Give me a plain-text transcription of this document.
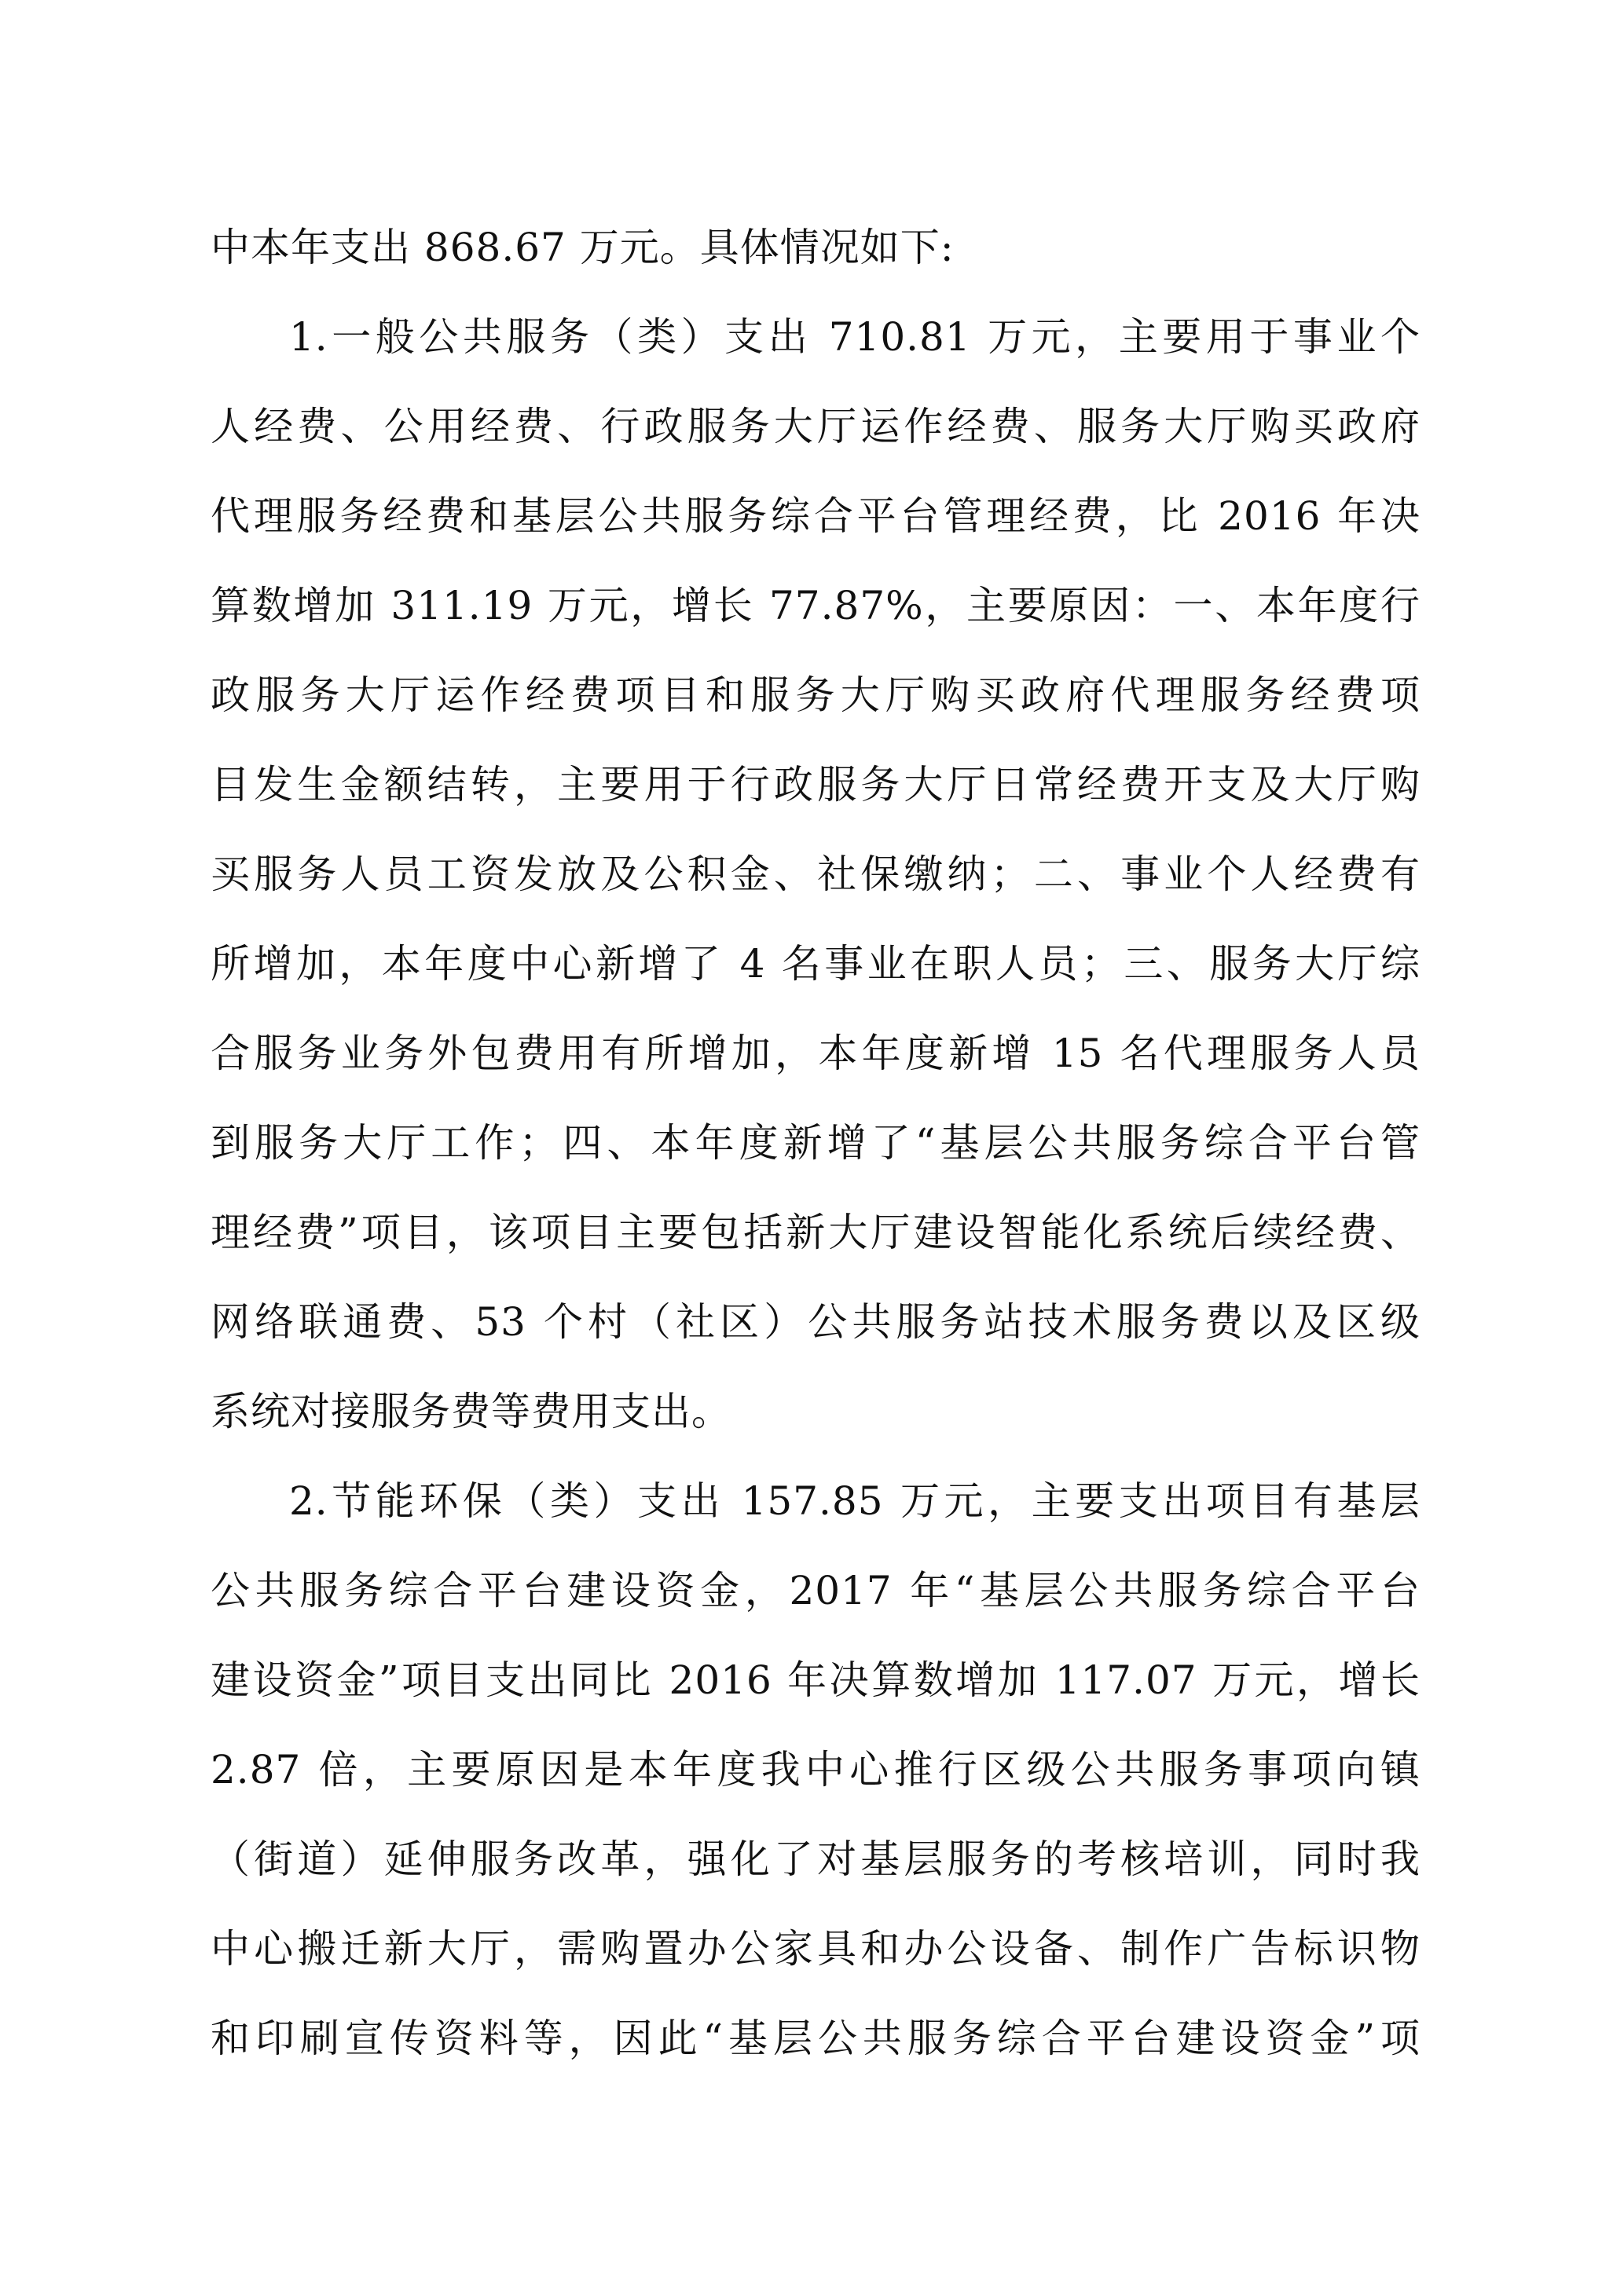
中本年支出 868.67 万元。具体情况如下:
1.一般公共服务（类）支出 710.81 万元，主要用于事业个
人经费、公用经费、行政服务大厅运作经费、服务大厅购买政府
代理服务经费和基层公共服务综合平台管理经费，比 2016 年决
算数增加 311.19 万元，增长 77.87%，主要原因：一、本年度行
政服务大厅运作经费项目和服务大厅购买政府代理服务经费项
目发生金额结转，主要用于行政服务大厅日常经费开支及大厅购
买服务人员工资发放及公积金、社保缴纳；二、事业个人经费有
所增加，本年度中心新增了 4 名事业在职人员；三、服务大厅综
合服务业务外包费用有所增加，本年度新增 15 名代理服务人员
到服务大厅工作；四、本年度新增了“基层公共服务综合平台管
理经费”项目，该项目主要包括新大厅建设智能化系统后续经费、
网络联通费、53 个村（社区）公共服务站技术服务费以及区级
系统对接服务费等费用支出。
2.节能环保（类）支出 157.85 万元，主要支出项目有基层
公共服务综合平台建设资金，2017 年“基层公共服务综合平台
建设资金”项目支出同比 2016 年决算数增加 117.07 万元，增长
2.87 倍，主要原因是本年度我中心推行区级公共服务事项向镇
（街道）延伸服务改革，强化了对基层服务的考核培训，同时我
中心搬迁新大厅，需购置办公家具和办公设备、制作广告标识物
和印刷宣传资料等，因此“基层公共服务综合平台建设资金”项
